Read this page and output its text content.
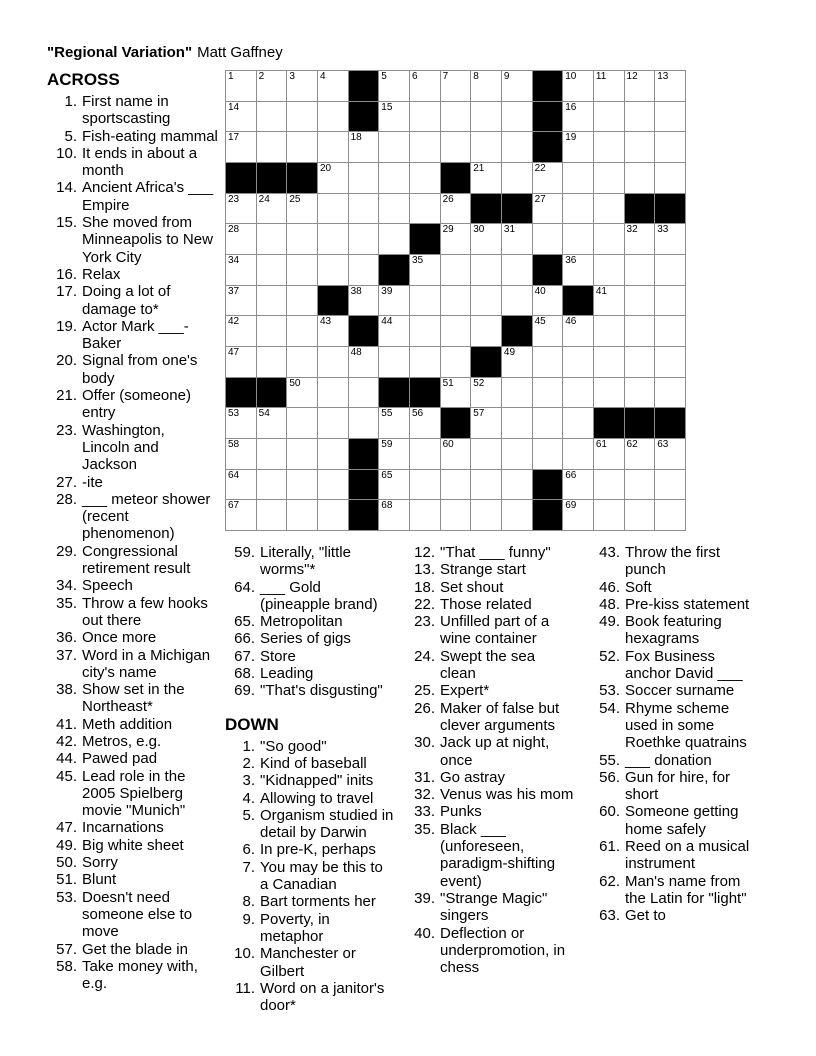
"Regional Variation" Matt Gaffney
1	2	3	4	5	6	7	8	9	10 11 12 13
14	15	16
17	18	19
20	21	22
23 24 25	26	27
28	29 30 31	32 33
34	35	36
37	38 39	40	41
42	43	44	45 46
47	48	49
50	51 52
53 54	55 56	57
58	59	60	61 62 63
64	65	66
67	68	69
ACROSS
1. First name in
sportscasting
5. Fish-eating mammal
10. It ends in about a
month
14. Ancient Africa's ___
Empire
15. She moved from
Minneapolis to New
York City
16. Relax
17. Doing a lot of
damage to*
19. Actor Mark ___-
Baker
20. Signal from one's
body
21. Offer (someone)
entry
23. Washington,
Lincoln and
Jackson
27. -ite
28. ___ meteor shower
(recent
phenomenon)
29. Congressional
retirement result
34. Speech
35. Throw a few hooks
out there
36. Once more
37. Word in a Michigan
city's name
38. Show set in the
Northeast*
41. Meth addition
42. Metros, e.g.
44. Pawed pad
45. Lead role in the
2005 Spielberg
movie "Munich"
47. Incarnations
49. Big white sheet
50. Sorry
51. Blunt
53. Doesn't need
someone else to
move
57. Get the blade in
58. Take money with,
e.g.
59. Literally, "little
worms"*
64. ___ Gold
(pineapple brand)
65. Metropolitan
66. Series of gigs
67. Store
68. Leading
69. "That's disgusting"
DOWN
1. "So good"
2. Kind of baseball
3. "Kidnapped" inits
4. Allowing to travel
5. Organism studied in
detail by Darwin
6. In pre-K, perhaps
7. You may be this to
a Canadian
8. Bart torments her
9. Poverty, in
metaphor
10. Manchester or
Gilbert
11. Word on a janitor's
door*
12. "That ___ funny"
13. Strange start
18. Set shout
22. Those related
23. Unfilled part of a
wine container
24. Swept the sea
clean
25. Expert*
26. Maker of false but
clever arguments
30. Jack up at night,
once
31. Go astray
32. Venus was his mom
33. Punks
35. Black ___
(unforeseen,
paradigm-shifting
event)
39. "Strange Magic"
singers
40. Deflection or
underpromotion, in
chess
43. Throw the first
punch
46. Soft
48. Pre-kiss statement
49. Book featuring
hexagrams
52. Fox Business
anchor David ___
53. Soccer surname
54. Rhyme scheme
used in some
Roethke quatrains
55. ___ donation
56. Gun for hire, for
short
60. Someone getting
home safely
61. Reed on a musical
instrument
62. Man's name from
the Latin for "light"
63. Get to
